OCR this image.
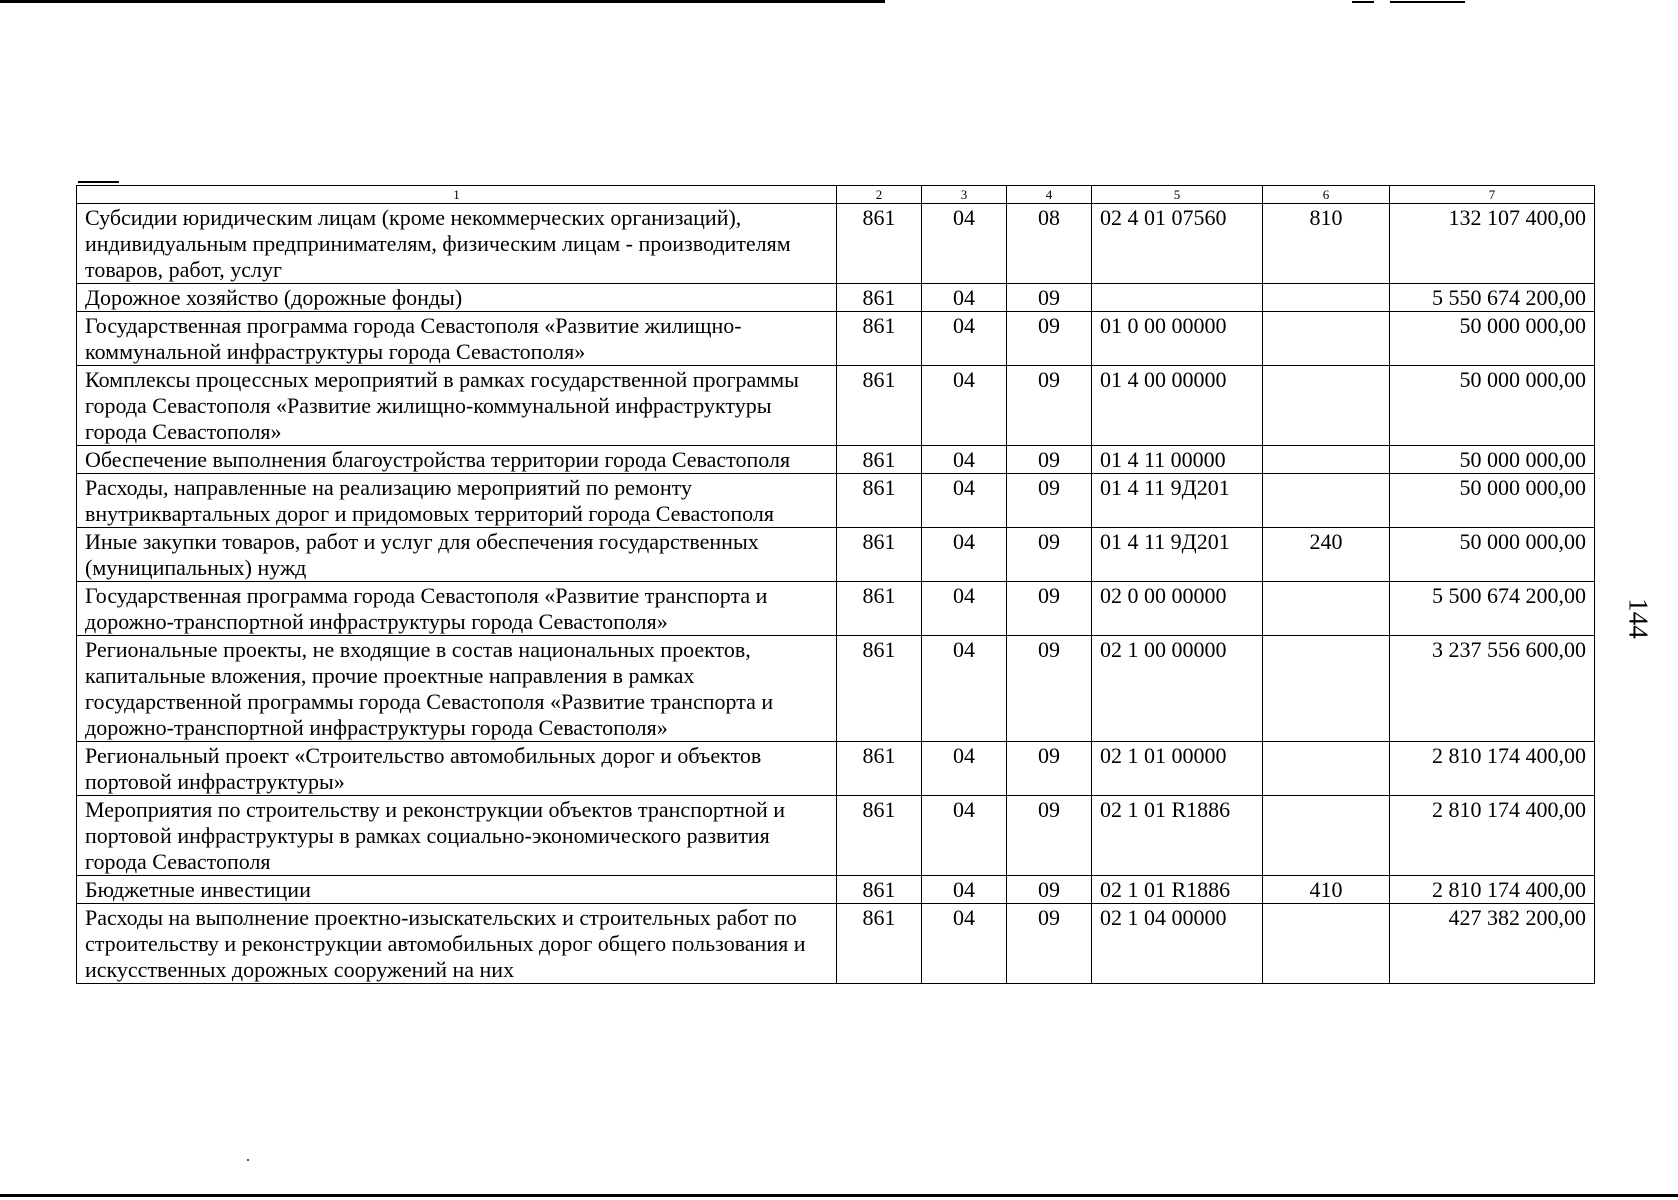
144
1	2	3	4	5	6	7
Субсидии юридическим лицам (кроме некоммерческих организаций), индивидуальным предпринимателям, физическим лицам - производителям товаров, работ, услуг	861	04	08	02 4 01 07560	810	132 107 400,00
Дорожное хозяйство (дорожные фонды)	861	04	09			5 550 674 200,00
Государственная программа города Севастополя «Развитие жилищно-коммунальной инфраструктуры города Севастополя»	861	04	09	01 0 00 00000		50 000 000,00
Комплексы процессных мероприятий в рамках государственной программы города Севастополя «Развитие жилищно-коммунальной инфраструктуры города Севастополя»	861	04	09	01 4 00 00000		50 000 000,00
Обеспечение выполнения благоустройства территории города Севастополя	861	04	09	01 4 11 00000		50 000 000,00
Расходы, направленные на реализацию мероприятий по ремонту внутриквартальных дорог и придомовых территорий города Севастополя	861	04	09	01 4 11 9Д201		50 000 000,00
Иные закупки товаров, работ и услуг для обеспечения государственных (муниципальных) нужд	861	04	09	01 4 11 9Д201	240	50 000 000,00
Государственная программа города Севастополя «Развитие транспорта и дорожно-транспортной инфраструктуры города Севастополя»	861	04	09	02 0 00 00000		5 500 674 200,00
Региональные проекты, не входящие в состав национальных проектов, капитальные вложения, прочие проектные направления в рамках государственной программы города Севастополя «Развитие транспорта и дорожно-транспортной инфраструктуры города Севастополя»	861	04	09	02 1 00 00000		3 237 556 600,00
Региональный проект «Строительство автомобильных дорог и объектов портовой инфраструктуры»	861	04	09	02 1 01 00000		2 810 174 400,00
Мероприятия по строительству и реконструкции объектов транспортной и портовой инфраструктуры в рамках социально-экономического развития города Севастополя	861	04	09	02 1 01 R1886		2 810 174 400,00
Бюджетные инвестиции	861	04	09	02 1 01 R1886	410	2 810 174 400,00
Расходы на выполнение проектно-изыскательских и строительных работ по строительству и реконструкции автомобильных дорог общего пользования и искусственных дорожных сооружений на них	861	04	09	02 1 04 00000		427 382 200,00
